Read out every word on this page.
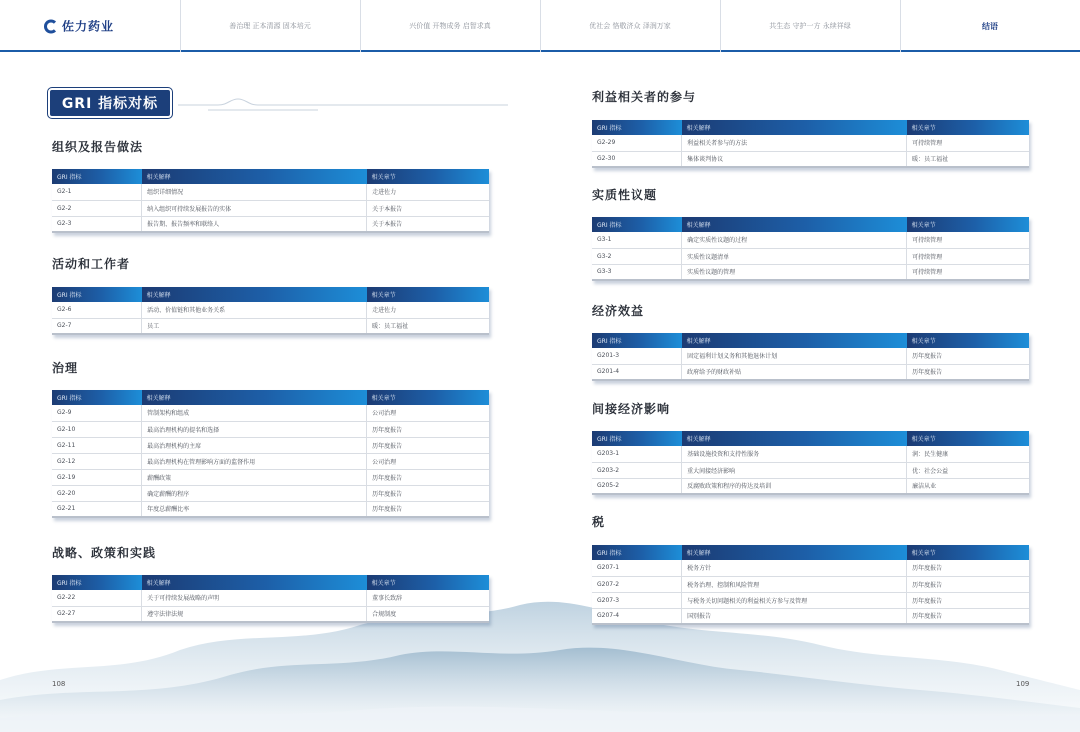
佐力药业	善治理 正本清源 固本培元	兴价值 开物成务 启智求真	优社会 恪敬济众 泽润万家	共生态 守护一方 永续祥绿	结语
GRI 指标对标
组织及报告做法
GRI 指标	相关解释	相关章节
G2-1	组织详细情况	走进佐力
G2-2	纳入组织可持续发展报告的实体	关于本报告
G2-3	报告期、报告频率和联络人	关于本报告
活动和工作者
GRI 指标	相关解释	相关章节
G2-6	活动、价值链和其他业务关系	走进佐力
G2-7	员工	暖：员工福祉
治理
GRI 指标	相关解释	相关章节
G2-9	管制架构和组成	公司治理
G2-10	最高治理机构的提名和选择	历年度报告
G2-11	最高治理机构的主席	历年度报告
G2-12	最高治理机构在管理影响方面的监督作用	公司治理
G2-19	薪酬政策	历年度报告
G2-20	确定薪酬的程序	历年度报告
G2-21	年度总薪酬比率	历年度报告
战略、政策和实践
GRI 指标	相关解释	相关章节
G2-22	关于可持续发展战略的声明	董事长致辞
G2-27	遵守法律法规	合规制度
利益相关者的参与
GRI 指标	相关解释	相关章节
G2-29	利益相关者参与的方法	可持续管理
G2-30	集体谈判协议	暖：员工福祉
实质性议题
GRI 指标	相关解释	相关章节
G3-1	确定实质性议题的过程	可持续管理
G3-2	实质性议题清单	可持续管理
G3-3	实质性议题的管理	可持续管理
经济效益
GRI 指标	相关解释	相关章节
G201-3	固定福利计划义务和其他退休计划	历年度报告
G201-4	政府给予的财政补贴	历年度报告
间接经济影响
GRI 指标	相关解释	相关章节
G203-1	基础设施投资和支持性服务	润：民生健康
G203-2	重大间接经济影响	优：社会公益
G205-2	反腐败政策和程序的传达及培训	廉洁从业
税
GRI 指标	相关解释	相关章节
G207-1	税务方针	历年度报告
G207-2	税务治理、控制和风险管理	历年度报告
G207-3	与税务关切问题相关的利益相关方参与及管理	历年度报告
G207-4	国别报告	历年度报告
108	109
